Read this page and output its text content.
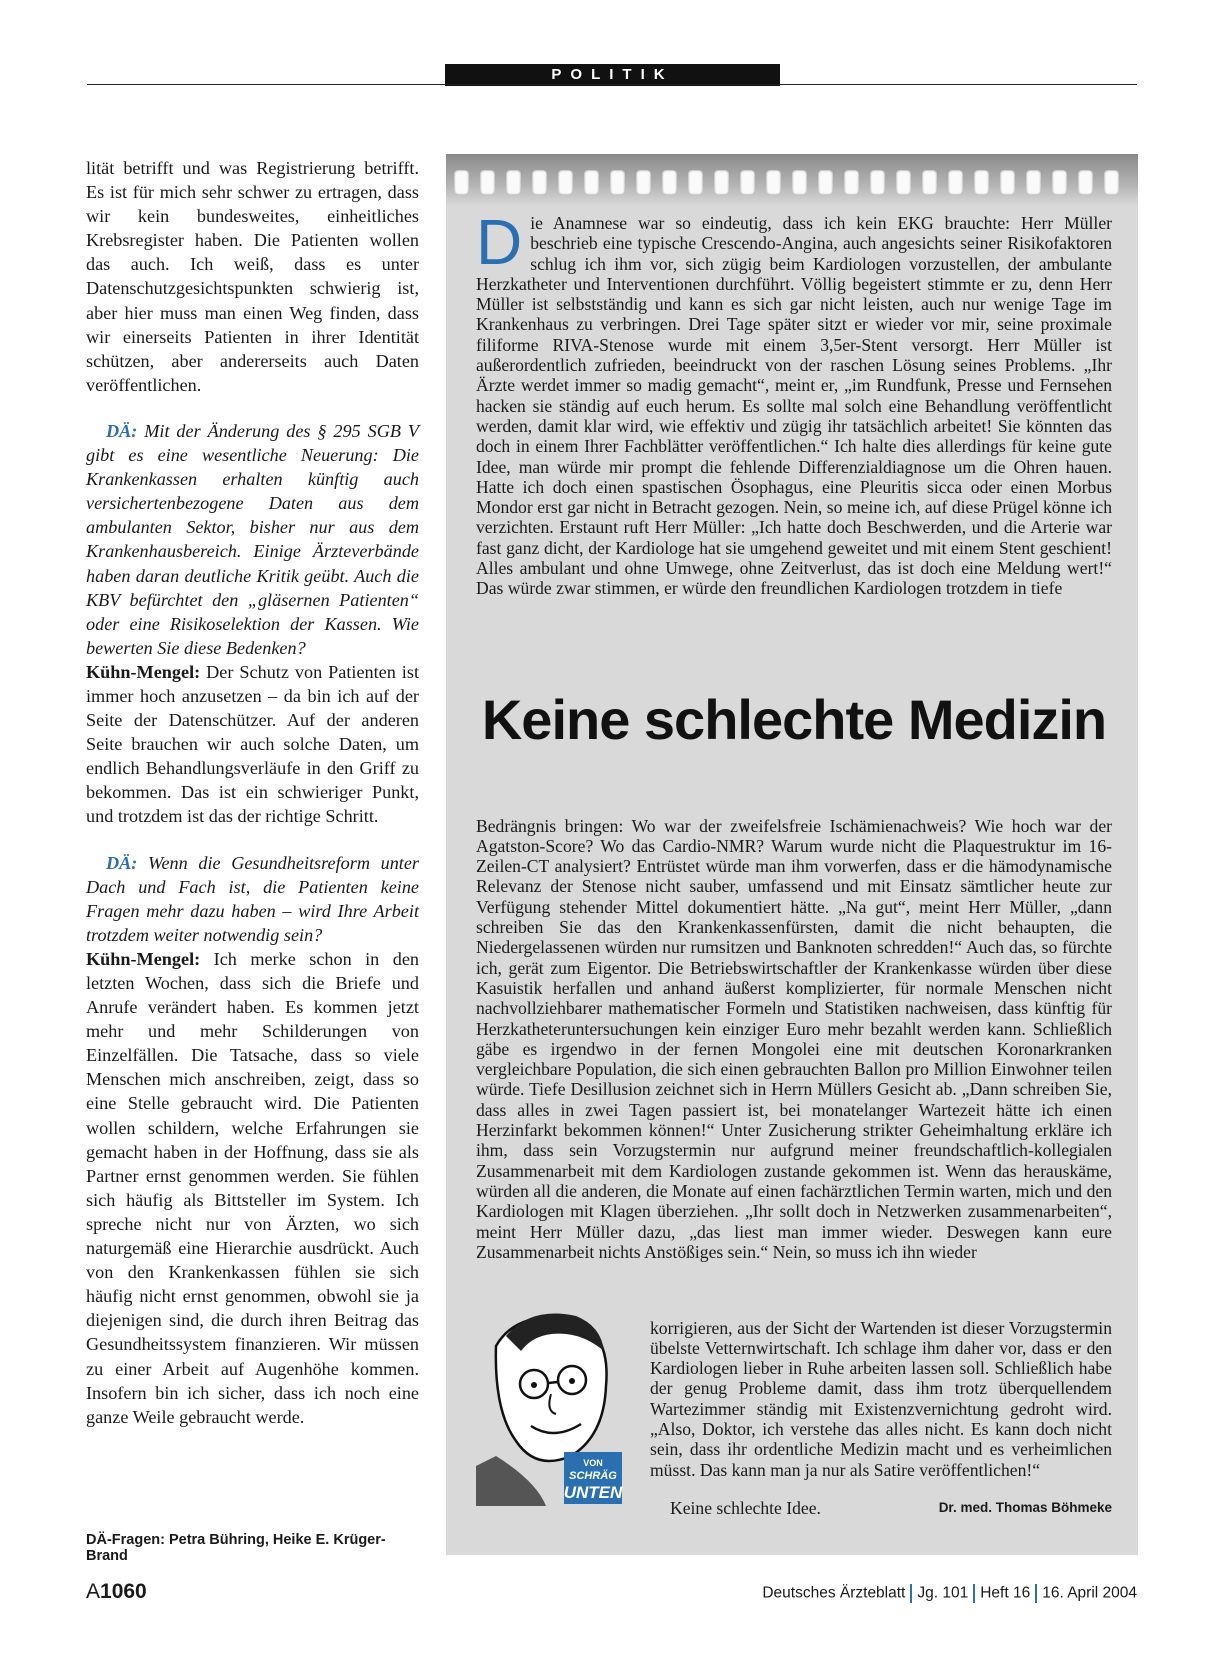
POLITIK

lität betrifft und was Registrierung betrifft. Es ist für mich sehr schwer zu ertragen, dass wir kein bundesweites, einheitliches Krebsregister haben. Die Patienten wollen das auch. Ich weiß, dass es unter Datenschutzgesichtspunkten schwierig ist, aber hier muss man einen Weg finden, dass wir einerseits Patienten in ihrer Identität schützen, aber andererseits auch Daten veröffentlichen.

DÄ: Mit der Änderung des § 295 SGB V gibt es eine wesentliche Neuerung: Die Krankenkassen erhalten künftig auch versichertenbezogene Daten aus dem ambulanten Sektor, bisher nur aus dem Krankenhausbereich. Einige Ärzteverbände haben daran deutliche Kritik geübt. Auch die KBV befürchtet den „gläsernen Patienten“ oder eine Risikoselektion der Kassen. Wie bewerten Sie diese Bedenken?

Kühn-Mengel: Der Schutz von Patienten ist immer hoch anzusetzen – da bin ich auf der Seite der Datenschützer. Auf der anderen Seite brauchen wir auch solche Daten, um endlich Behandlungsverläufe in den Griff zu bekommen. Das ist ein schwieriger Punkt, und trotzdem ist das der richtige Schritt.

DÄ: Wenn die Gesundheitsreform unter Dach und Fach ist, die Patienten keine Fragen mehr dazu haben – wird Ihre Arbeit trotzdem weiter notwendig sein?

Kühn-Mengel: Ich merke schon in den letzten Wochen, dass sich die Briefe und Anrufe verändert haben. Es kommen jetzt mehr und mehr Schilderungen von Einzelfällen. Die Tatsache, dass so viele Menschen mich anschreiben, zeigt, dass so eine Stelle gebraucht wird. Die Patienten wollen schildern, welche Erfahrungen sie gemacht haben in der Hoffnung, dass sie als Partner ernst genommen werden. Sie fühlen sich häufig als Bittsteller im System. Ich spreche nicht nur von Ärzten, wo sich naturgemäß eine Hierarchie ausdrückt. Auch von den Krankenkassen fühlen sie sich häufig nicht ernst genommen, obwohl sie ja diejenigen sind, die durch ihren Beitrag das Gesundheitssystem finanzieren. Wir müssen zu einer Arbeit auf Augenhöhe kommen. Insofern bin ich sicher, dass ich noch eine ganze Weile gebraucht werde.

DÄ-Fragen: Petra Bühring, Heike E. Krüger-Brand

Die Anamnese war so eindeutig, dass ich kein EKG brauchte: Herr Müller beschrieb eine typische Crescendo-Angina, auch angesichts seiner Risikofaktoren schlug ich ihm vor, sich zügig beim Kardiologen vorzustellen, der ambulante Herzkatheter und Interventionen durchführt. Völlig begeistert stimmte er zu, denn Herr Müller ist selbstständig und kann es sich gar nicht leisten, auch nur wenige Tage im Krankenhaus zu verbringen. Drei Tage später sitzt er wieder vor mir, seine proximale filiforme RIVA-Stenose wurde mit einem 3,5er-Stent versorgt. Herr Müller ist außerordentlich zufrieden, beeindruckt von der raschen Lösung seines Problems. „Ihr Ärzte werdet immer so madig gemacht“, meint er, „im Rundfunk, Presse und Fernsehen hacken sie ständig auf euch herum. Es sollte mal solch eine Behandlung veröffentlicht werden, damit klar wird, wie effektiv und zügig ihr tatsächlich arbeitet! Sie könnten das doch in einem Ihrer Fachblätter veröffentlichen.“ Ich halte dies allerdings für keine gute Idee, man würde mir prompt die fehlende Differenzialdiagnose um die Ohren hauen. Hatte ich doch einen spastischen Ösophagus, eine Pleuritis sicca oder einen Morbus Mondor erst gar nicht in Betracht gezogen. Nein, so meine ich, auf diese Prügel könne ich verzichten. Erstaunt ruft Herr Müller: „Ich hatte doch Beschwerden, und die Arterie war fast ganz dicht, der Kardiologe hat sie umgehend geweitet und mit einem Stent geschient! Alles ambulant und ohne Umwege, ohne Zeitverlust, das ist doch eine Meldung wert!“ Das würde zwar stimmen, er würde den freundlichen Kardiologen trotzdem in tiefe

Keine schlechte Medizin

Bedrängnis bringen: Wo war der zweifelsfreie Ischämienachweis? Wie hoch war der Agatston-Score? Wo das Cardio-NMR? Warum wurde nicht die Plaquestruktur im 16-Zeilen-CT analysiert? Entrüstet würde man ihm vorwerfen, dass er die hämodynamische Relevanz der Stenose nicht sauber, umfassend und mit Einsatz sämtlicher heute zur Verfügung stehender Mittel dokumentiert hätte. „Na gut“, meint Herr Müller, „dann schreiben Sie das den Krankenkassenfürsten, damit die nicht behaupten, die Niedergelassenen würden nur rumsitzen und Banknoten schredden!“ Auch das, so fürchte ich, gerät zum Eigentor. Die Betriebswirtschaftler der Krankenkasse würden über diese Kasuistik herfallen und anhand äußerst komplizierter, für normale Menschen nicht nachvollziehbarer mathematischer Formeln und Statistiken nachweisen, dass künftig für Herzkatheteruntersuchungen kein einziger Euro mehr bezahlt werden kann. Schließlich gäbe es irgendwo in der fernen Mongolei eine mit deutschen Koronarkranken vergleichbare Population, die sich einen gebrauchten Ballon pro Million Einwohner teilen würde. Tiefe Desillusion zeichnet sich in Herrn Müllers Gesicht ab. „Dann schreiben Sie, dass alles in zwei Tagen passiert ist, bei monatelanger Wartezeit hätte ich einen Herzinfarkt bekommen können!“ Unter Zusicherung strikter Geheimhaltung erkläre ich ihm, dass sein Vorzugstermin nur aufgrund meiner freundschaftlich-kollegialen Zusammenarbeit mit dem Kardiologen zustande gekommen ist. Wenn das herauskäme, würden all die anderen, die Monate auf einen fachärztlichen Termin warten, mich und den Kardiologen mit Klagen überziehen. „Ihr sollt doch in Netzwerken zusammenarbeiten“, meint Herr Müller dazu, „das liest man immer wieder. Deswegen kann eure Zusammenarbeit nichts Anstößiges sein.“ Nein, so muss ich ihn wieder

VON
SCHRÄG
UNTEN

korrigieren, aus der Sicht der Wartenden ist dieser Vorzugstermin übelste Vetternwirtschaft. Ich schlage ihm daher vor, dass er den Kardiologen lieber in Ruhe arbeiten lassen soll. Schließlich habe der genug Probleme damit, dass ihm trotz überquellendem Wartezimmer ständig mit Existenzvernichtung gedroht wird. „Also, Doktor, ich verstehe das alles nicht. Es kann doch nicht sein, dass ihr ordentliche Medizin macht und es verheimlichen müsst. Das kann man ja nur als Satire veröffentlichen!“

Keine schlechte Idee.	Dr. med. Thomas Böhmeke

A1060	Deutsches Ärzteblatt Jg. 101 Heft 16 16. April 2004
